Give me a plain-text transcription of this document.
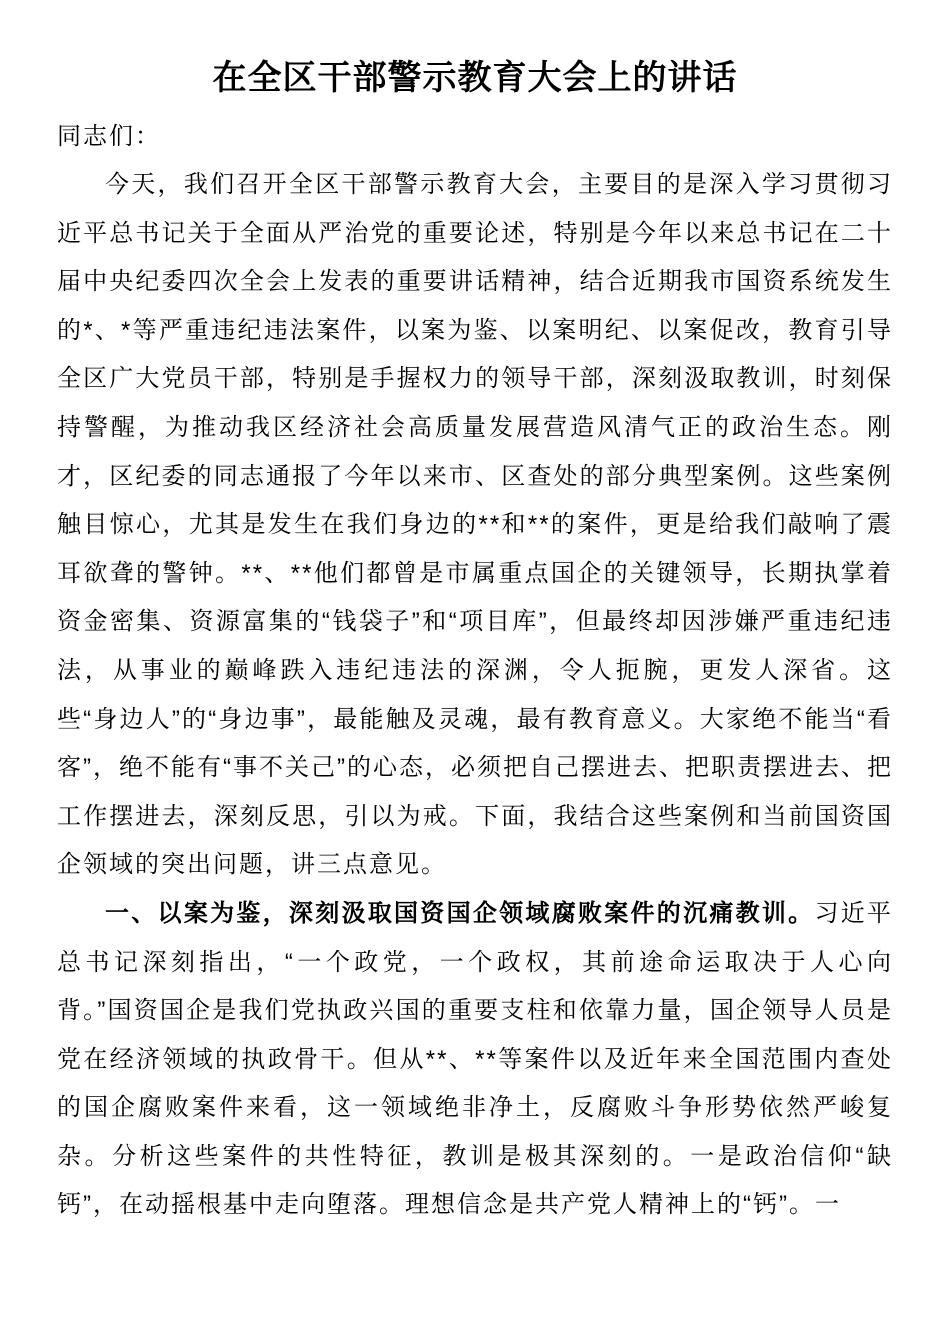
在全区干部警示教育大会上的讲话

同志们：

今天，我们召开全区干部警示教育大会，主要目的是深入学习贯彻习近平总书记关于全面从严治党的重要论述，特别是今年以来总书记在二十届中央纪委四次全会上发表的重要讲话精神，结合近期我市国资系统发生的*、*等严重违纪违法案件，以案为鉴、以案明纪、以案促改，教育引导全区广大党员干部，特别是手握权力的领导干部，深刻汲取教训，时刻保持警醒，为推动我区经济社会高质量发展营造风清气正的政治生态。刚才，区纪委的同志通报了今年以来市、区查处的部分典型案例。这些案例触目惊心，尤其是发生在我们身边的**和**的案件，更是给我们敲响了震耳欲聋的警钟。**、**他们都曾是市属重点国企的关键领导，长期执掌着资金密集、资源富集的“钱袋子”和“项目库”，但最终却因涉嫌严重违纪违法，从事业的巅峰跌入违纪违法的深渊，令人扼腕，更发人深省。这些“身边人”的“身边事”，最能触及灵魂，最有教育意义。大家绝不能当“看客”，绝不能有“事不关己”的心态，必须把自己摆进去、把职责摆进去、把工作摆进去，深刻反思，引以为戒。下面，我结合这些案例和当前国资国企领域的突出问题，讲三点意见。

一、以案为鉴，深刻汲取国资国企领域腐败案件的沉痛教训。习近平总书记深刻指出，“一个政党，一个政权，其前途命运取决于人心向背。”国资国企是我们党执政兴国的重要支柱和依靠力量，国企领导人员是党在经济领域的执政骨干。但从**、**等案件以及近年来全国范围内查处的国企腐败案件来看，这一领域绝非净土，反腐败斗争形势依然严峻复杂。分析这些案件的共性特征，教训是极其深刻的。一是政治信仰“缺钙”，在动摇根基中走向堕落。理想信念是共产党人精神上的“钙”。一
